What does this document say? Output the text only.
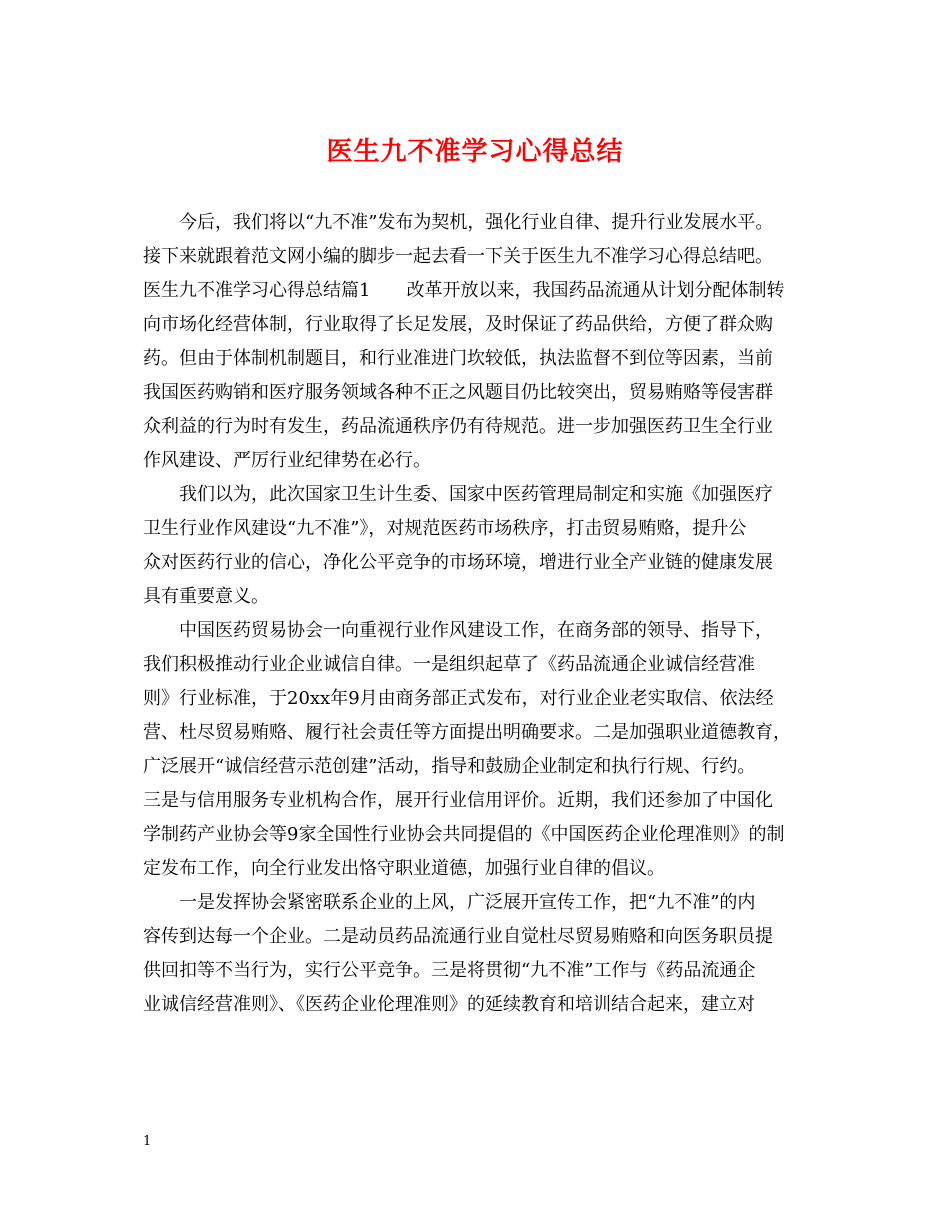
医生九不准学习心得总结
今后，我们将以“九不准”发布为契机，强化行业自律、提升行业发展水平。
接下来就跟着范文网小编的脚步一起去看一下关于医生九不准学习心得总结吧。
医生九不准学习心得总结篇1　　改革开放以来，我国药品流通从计划分配体制转
向市场化经营体制，行业取得了长足发展，及时保证了药品供给，方便了群众购
药。但由于体制机制题目，和行业准进门坎较低，执法监督不到位等因素，当前
我国医药购销和医疗服务领域各种不正之风题目仍比较突出，贸易贿赂等侵害群
众利益的行为时有发生，药品流通秩序仍有待规范。进一步加强医药卫生全行业
作风建设、严厉行业纪律势在必行。
我们以为，此次国家卫生计生委、国家中医药管理局制定和实施《加强医疗
卫生行业作风建设“九不准”》，对规范医药市场秩序，打击贸易贿赂，提升公
众对医药行业的信心，净化公平竞争的市场环境，增进行业全产业链的健康发展
具有重要意义。
中国医药贸易协会一向重视行业作风建设工作，在商务部的领导、指导下，
我们积极推动行业企业诚信自律。一是组织起草了《药品流通企业诚信经营准
则》行业标准，于20xx年9月由商务部正式发布，对行业企业老实取信、依法经
营、杜尽贸易贿赂、履行社会责任等方面提出明确要求。二是加强职业道德教育，
广泛展开“诚信经营示范创建”活动，指导和鼓励企业制定和执行行规、行约。
三是与信用服务专业机构合作，展开行业信用评价。近期，我们还参加了中国化
学制药产业协会等9家全国性行业协会共同提倡的《中国医药企业伦理准则》的制
定发布工作，向全行业发出恪守职业道德，加强行业自律的倡议。
一是发挥协会紧密联系企业的上风，广泛展开宣传工作，把“九不准”的内
容传到达每一个企业。二是动员药品流通行业自觉杜尽贸易贿赂和向医务职员提
供回扣等不当行为，实行公平竞争。三是将贯彻“九不准”工作与《药品流通企
业诚信经营准则》、《医药企业伦理准则》的延续教育和培训结合起来，建立对
1
